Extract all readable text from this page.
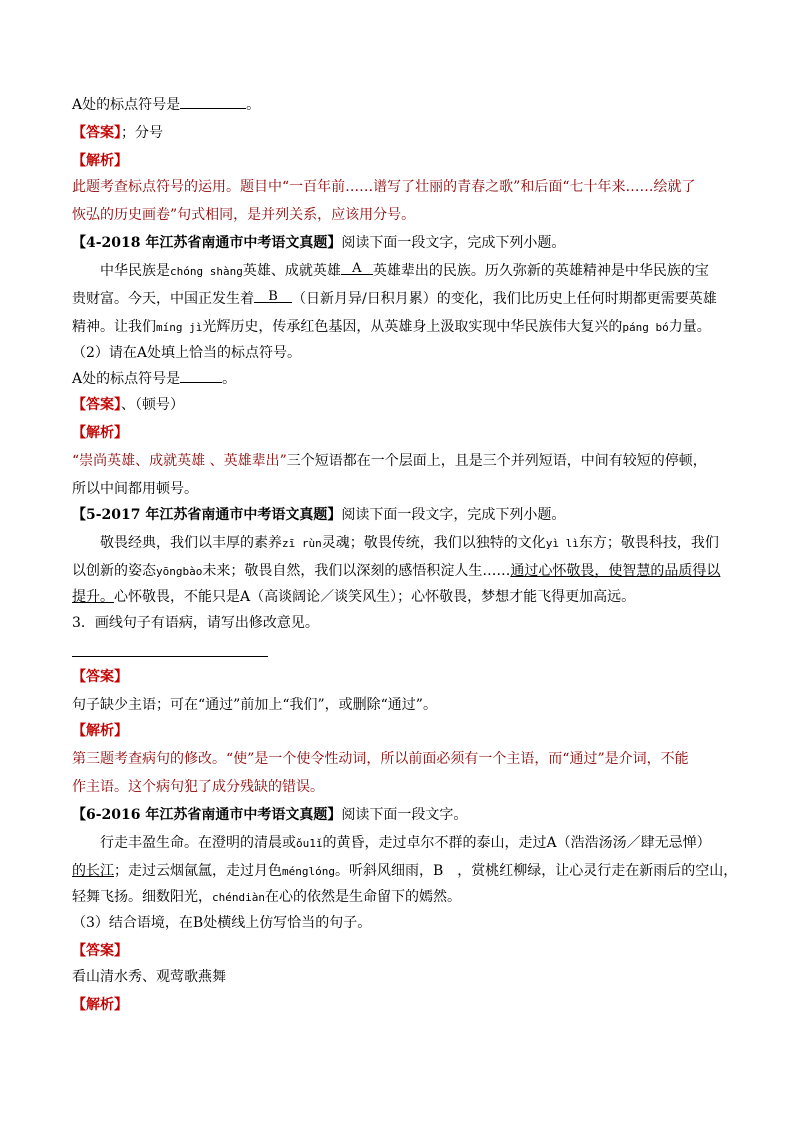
A处的标点符号是	。
【答案】；分号
【解析】
此题考查标点符号的运用。题目中“一百年前……谱写了壮丽的青春之歌”和后面“七十年来……绘就了
恢弘的历史画卷”句式相同，是并列关系，应该用分号。
【4-2018 年江苏省南通市中考语文真题】阅读下面一段文字，完成下列小题。
中华民族是chóng shàng英雄、成就英雄 A 英雄辈出的民族。历久弥新的英雄精神是中华民族的宝
贵财富。今天，中国正发生着 B （日新月异/日积月累）的变化，我们比历史上任何时期都更需要英雄
精神。让我们míng jì光辉历史，传承红色基因，从英雄身上汲取实现中华民族伟大复兴的páng bó力量。
（2）请在A处填上恰当的标点符号。
A处的标点符号是	。
【答案】、（顿号）
【解析】
“崇尚英雄、成就英雄 、英雄辈出”三个短语都在一个层面上，且是三个并列短语，中间有较短的停顿，
所以中间都用顿号。
【5-2017 年江苏省南通市中考语文真题】阅读下面一段文字，完成下列小题。
敬畏经典，我们以丰厚的素养zī rùn灵魂；敬畏传统，我们以独特的文化yì lì东方；敬畏科技，我们
以创新的姿态yōngbào未来；敬畏自然，我们以深刻的感悟积淀人生……通过心怀敬畏，使智慧的品质得以
提升。心怀敬畏，不能只是A（高谈阔论／谈笑风生）；心怀敬畏，梦想才能飞得更加高远。
3．画线句子有语病，请写出修改意见。
【答案】
句子缺少主语；可在“通过”前加上“我们”，或删除“通过”。
【解析】
第三题考查病句的修改。“使”是一个使令性动词，所以前面必须有一个主语，而“通过”是介词，不能
作主语。这个病句犯了成分残缺的错误。
【6-2016 年江苏省南通市中考语文真题】阅读下面一段文字。
行走丰盈生命。在澄明的清晨或ǒu1ǐ的黄昏，走过卓尔不群的泰山，走过A（浩浩汤汤／肆无忌惮）
的长江；走过云烟氤氲，走过月色ménglóng。听斜风细雨，B　，赏桃红柳绿，让心灵行走在新雨后的空山，
轻舞飞扬。细数阳光，chéndiàn在心的依然是生命留下的嫣然。
（3）结合语境，在B处横线上仿写恰当的句子。
【答案】
看山清水秀、观莺歌燕舞
【解析】
